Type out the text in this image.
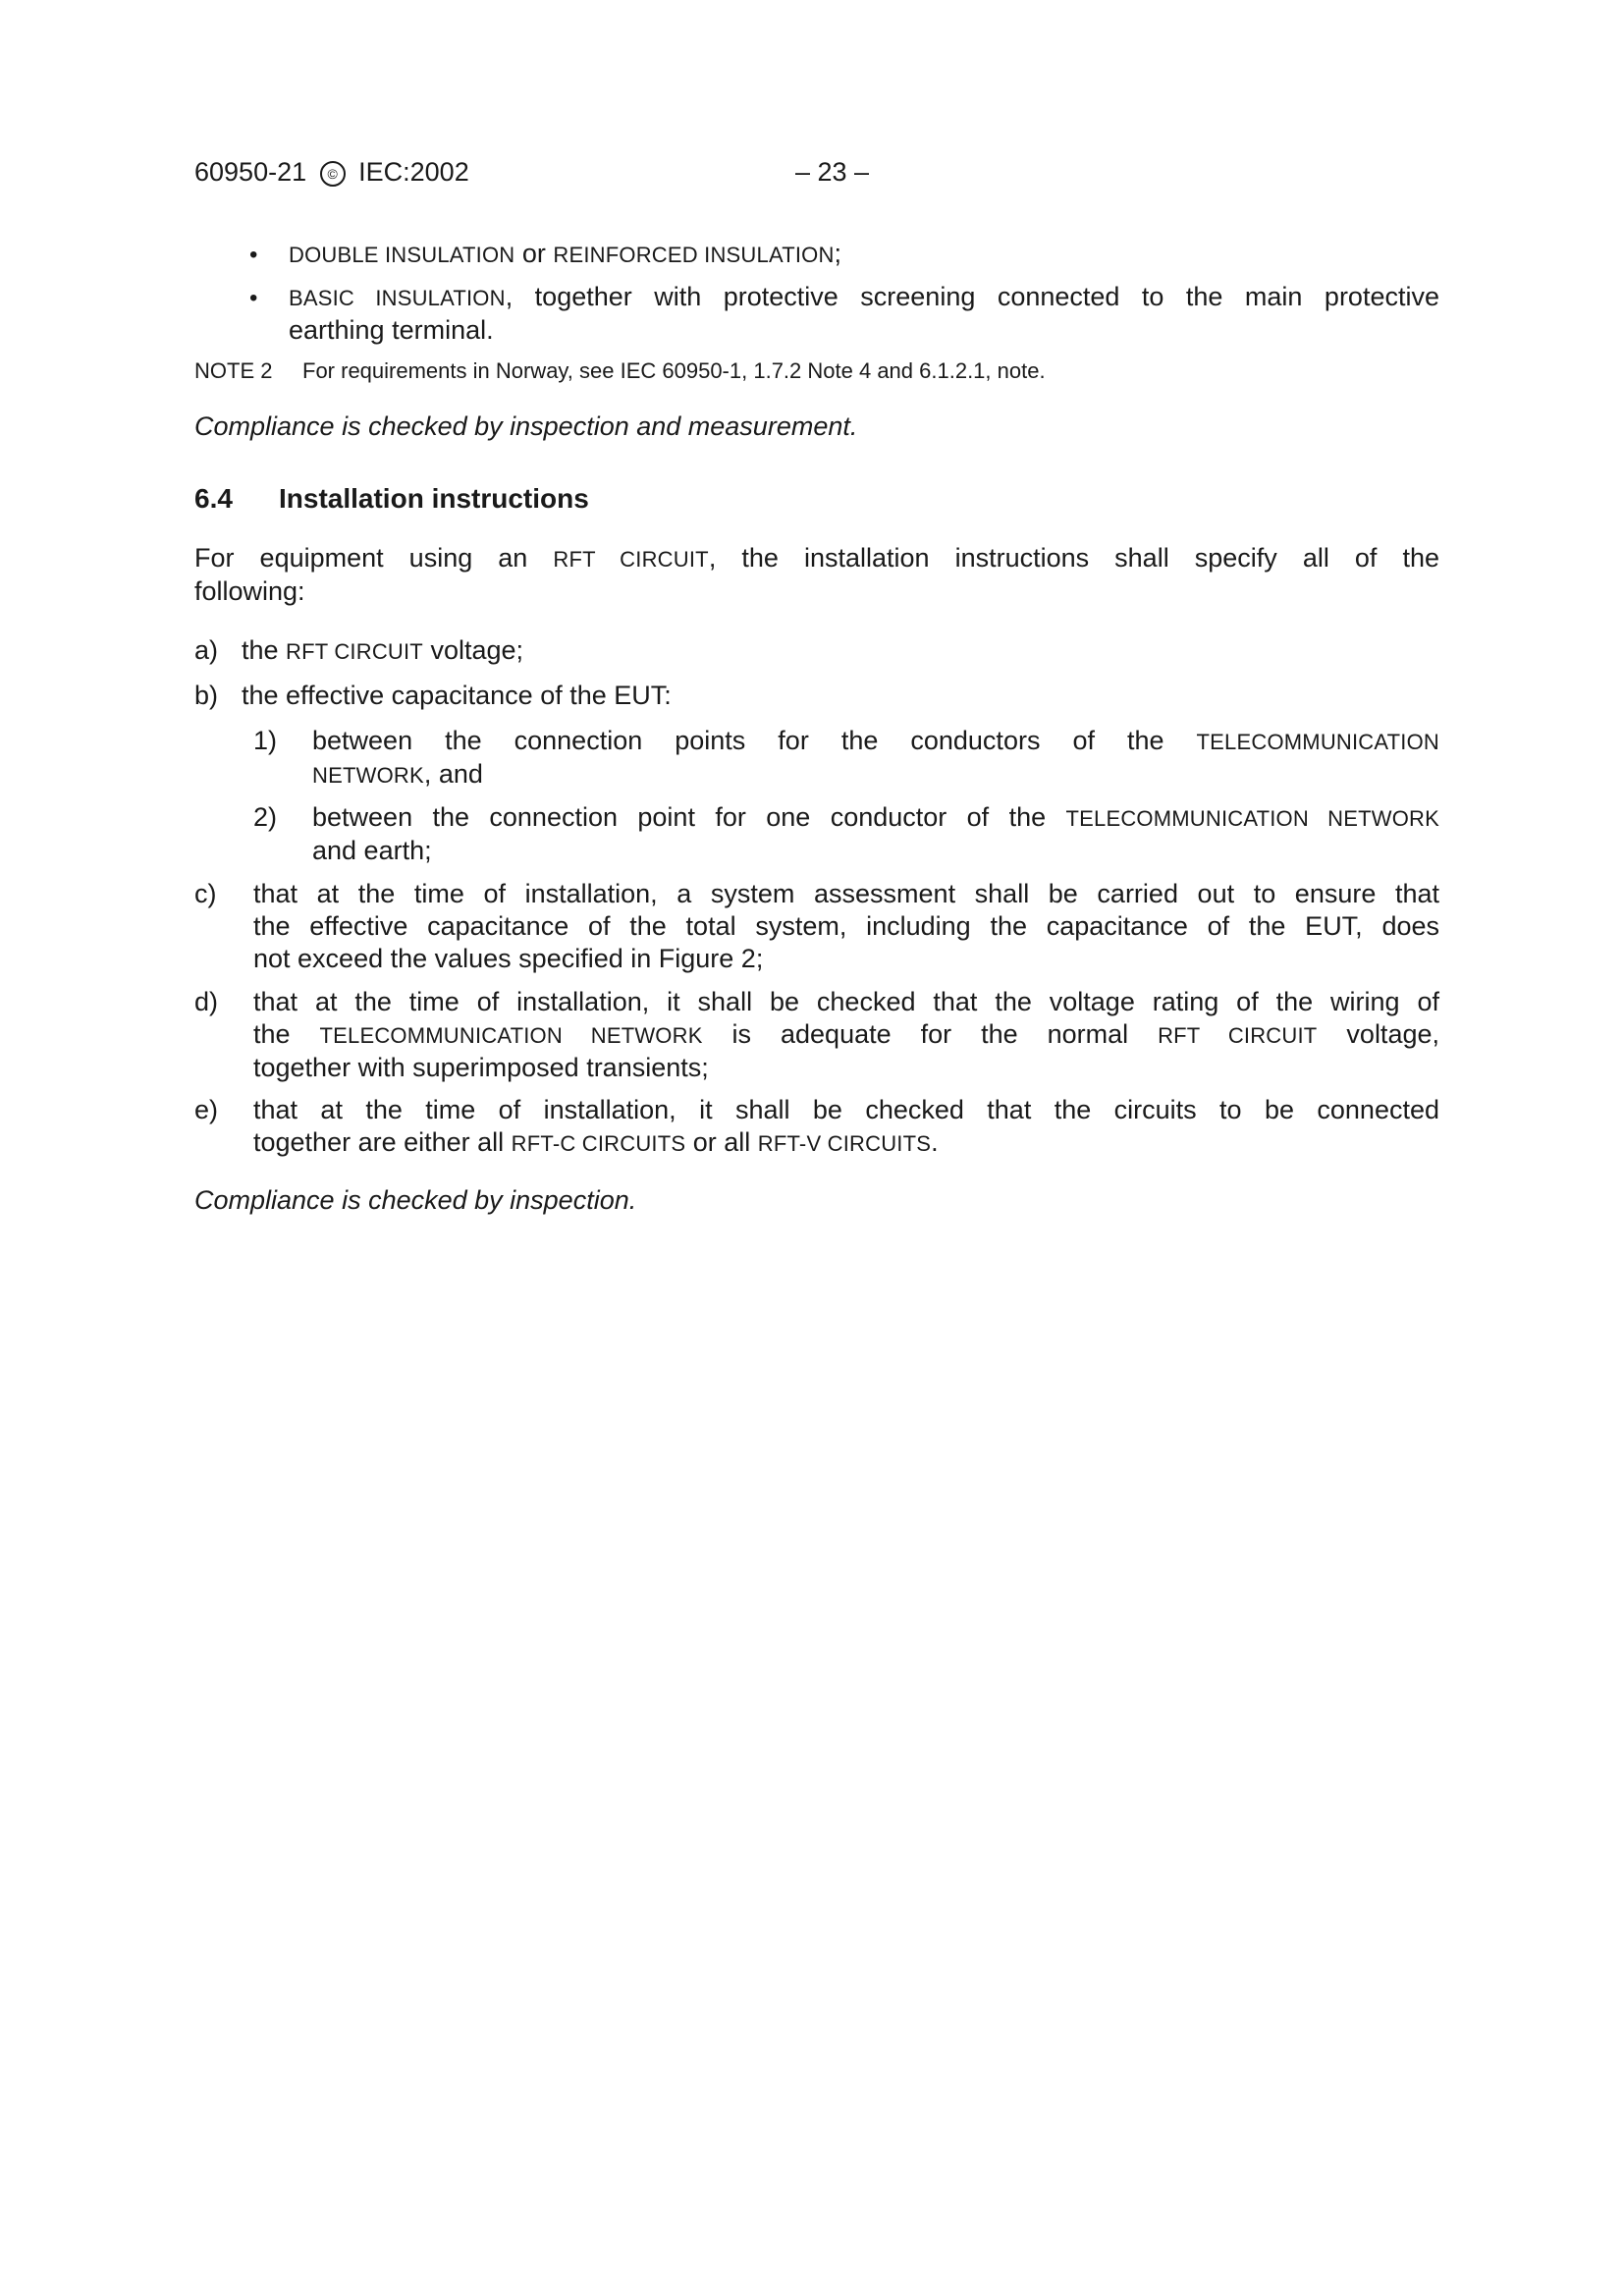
60950-21 © IEC:2002	– 23 –
• DOUBLE INSULATION or REINFORCED INSULATION;
• BASIC INSULATION, together with protective screening connected to the main protective
earthing terminal.
NOTE 2 For requirements in Norway, see IEC 60950-1, 1.7.2 Note 4 and 6.1.2.1, note.
Compliance is checked by inspection and measurement.
6.4 Installation instructions
For equipment using an RFT CIRCUIT, the installation instructions shall specify all of the
following:
a) the RFT CIRCUIT voltage;
b) the effective capacitance of the EUT:
1) between the connection points for the conductors of the TELECOMMUNICATION
NETWORK, and
2) between the connection point for one conductor of the TELECOMMUNICATION NETWORK
and earth;
c) that at the time of installation, a system assessment shall be carried out to ensure that
the effective capacitance of the total system, including the capacitance of the EUT, does
not exceed the values specified in Figure 2;
d) that at the time of installation, it shall be checked that the voltage rating of the wiring of
the TELECOMMUNICATION NETWORK is adequate for the normal RFT CIRCUIT voltage,
together with superimposed transients;
e) that at the time of installation, it shall be checked that the circuits to be connected
together are either all RFT-C CIRCUITS or all RFT-V CIRCUITS.
Compliance is checked by inspection.
